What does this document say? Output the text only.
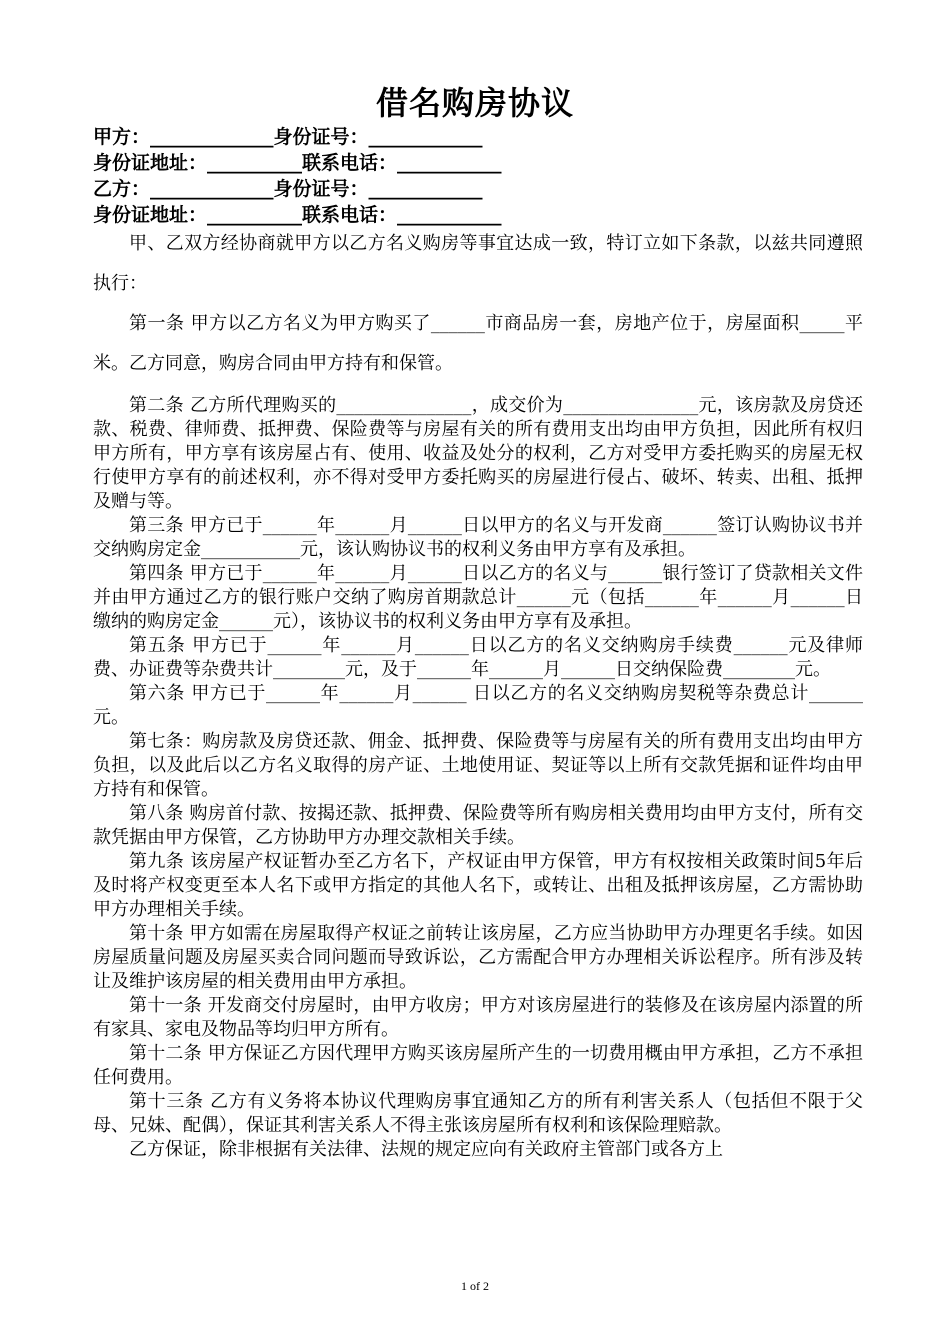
借名购房协议
甲方：_____________身份证号：____________
身份证地址：__________联系电话：___________
乙方：_____________身份证号：____________
身份证地址：__________联系电话：___________

甲、乙双方经协商就甲方以乙方名义购房等事宜达成一致，特订立如下条款，以兹共同遵照执行：

第一条 甲方以乙方名义为甲方购买了______市商品房一套，房地产位于，房屋面积_____平米。乙方同意，购房合同由甲方持有和保管。

第二条 乙方所代理购买的_______________，成交价为_______________元，该房款及房贷还款、税费、律师费、抵押费、保险费等与房屋有关的所有费用支出均由甲方负担，因此所有权归甲方所有，甲方享有该房屋占有、使用、收益及处分的权利，乙方对受甲方委托购买的房屋无权行使甲方享有的前述权利，亦不得对受甲方委托购买的房屋进行侵占、破坏、转卖、出租、抵押及赠与等。

第三条 甲方已于______年______月______日以甲方的名义与开发商______签订认购协议书并交纳购房定金___________元，该认购协议书的权利义务由甲方享有及承担。

第四条 甲方已于______年______月______日以乙方的名义与______银行签订了贷款相关文件并由甲方通过乙方的银行账户交纳了购房首期款总计______元（包括______年______月______日缴纳的购房定金______元），该协议书的权利义务由甲方享有及承担。

第五条 甲方已于______年______月______日以乙方的名义交纳购房手续费______元及律师费、办证费等杂费共计________元，及于______年______月______日交纳保险费________元。

第六条 甲方已于______年______月______ 日以乙方的名义交纳购房契税等杂费总计______元。

第七条：购房款及房贷还款、佣金、抵押费、保险费等与房屋有关的所有费用支出均由甲方负担，以及此后以乙方名义取得的房产证、土地使用证、契证等以上所有交款凭据和证件均由甲方持有和保管。

第八条 购房首付款、按揭还款、抵押费、保险费等所有购房相关费用均由甲方支付，所有交款凭据由甲方保管，乙方协助甲方办理交款相关手续。

第九条 该房屋产权证暂办至乙方名下，产权证由甲方保管，甲方有权按相关政策时间5年后及时将产权变更至本人名下或甲方指定的其他人名下，或转让、出租及抵押该房屋，乙方需协助甲方办理相关手续。

第十条 甲方如需在房屋取得产权证之前转让该房屋，乙方应当协助甲方办理更名手续。如因房屋质量问题及房屋买卖合同问题而导致诉讼，乙方需配合甲方办理相关诉讼程序。所有涉及转让及维护该房屋的相关费用由甲方承担。

第十一条 开发商交付房屋时，由甲方收房；甲方对该房屋进行的装修及在该房屋内添置的所有家具、家电及物品等均归甲方所有。

第十二条 甲方保证乙方因代理甲方购买该房屋所产生的一切费用概由甲方承担，乙方不承担任何费用。

第十三条 乙方有义务将本协议代理购房事宜通知乙方的所有利害关系人（包括但不限于父母、兄妹、配偶），保证其利害关系人不得主张该房屋所有权利和该保险理赔款。

乙方保证，除非根据有关法律、法规的规定应向有关政府主管部门或各方上

1 of 2
